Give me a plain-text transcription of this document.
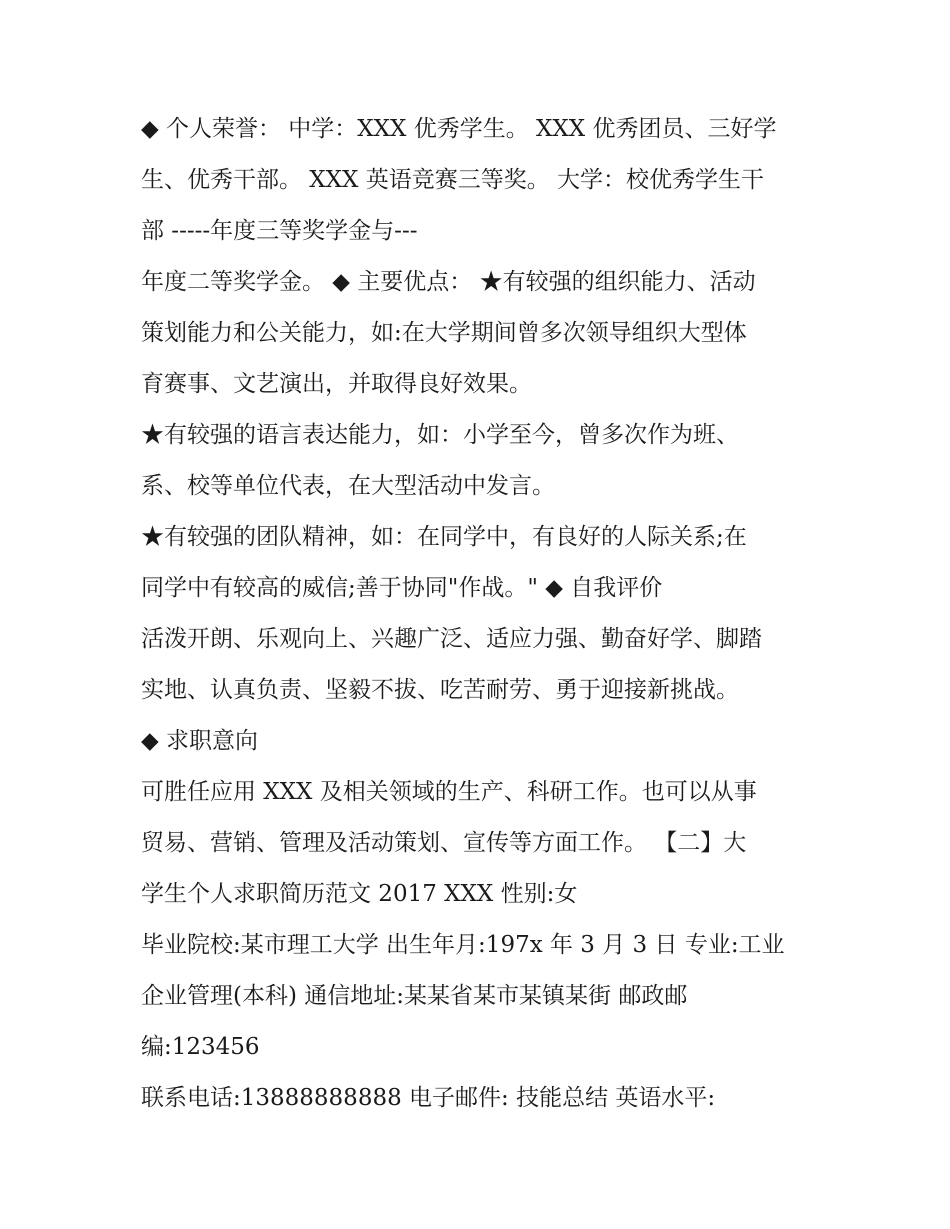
◆ 个人荣誉： 中学：XXX 优秀学生。 XXX 优秀团员、三好学

生、优秀干部。 XXX 英语竞赛三等奖。 大学：校优秀学生干

部 -----年度三等奖学金与---

年度二等奖学金。 ◆ 主要优点： ★有较强的组织能力、活动

策划能力和公关能力，如:在大学期间曾多次领导组织大型体

育赛事、文艺演出，并取得良好效果。

★有较强的语言表达能力，如：小学至今，曾多次作为班、

系、校等单位代表，在大型活动中发言。

★有较强的团队精神，如：在同学中，有良好的人际关系;在

同学中有较高的威信;善于协同"作战。" ◆ 自我评价

活泼开朗、乐观向上、兴趣广泛、适应力强、勤奋好学、脚踏

实地、认真负责、坚毅不拔、吃苦耐劳、勇于迎接新挑战。

◆ 求职意向

可胜任应用 XXX 及相关领域的生产、科研工作。也可以从事

贸易、营销、管理及活动策划、宣传等方面工作。 【二】大

学生个人求职简历范文 2017 XXX 性别:女

毕业院校:某市理工大学 出生年月:197x 年 3 月 3 日 专业:工业

企业管理(本科) 通信地址:某某省某市某镇某街 邮政邮

编:123456

联系电话:13888888888 电子邮件: 技能总结 英语水平:
